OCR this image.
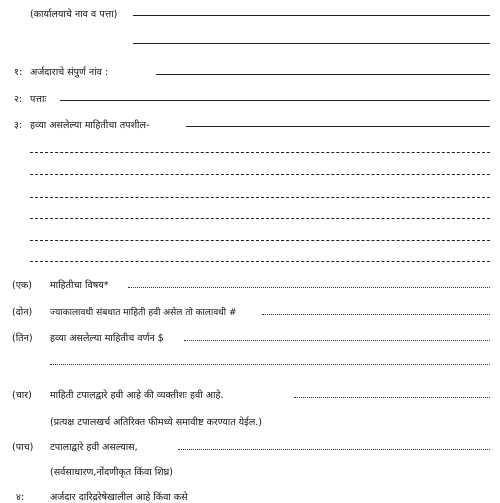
(कार्यालयाचे नाव व पत्ता)
१: अर्जदाराचे संपुर्ण नांव :
२: पत्ताः
३: हव्या असलेल्या माहितीचा तपशील-
(एक) माहितीचा विषय*
(दोन) ज्याकालावधी संबधात माहिती हवी असेल तो कालावधी #
(तिन) हव्या असलेल्या माहितीच वर्णन $
(चार) माहिती टपालद्वारे हवी आहे की व्यक्तीशः हवी आहे.
(प्रत्यक्ष टपालखर्च अतिरिक्त फीमध्ये समावीष्ट करण्यात येईल.)
(पाच) टपालाद्वारे हवी असल्यास,
(सर्वसाधारण,नोंदणीकृत किंवा शिघ्र)
४:	अर्जदार दारिद्ररेषेखालील आहे किंवा कसे
